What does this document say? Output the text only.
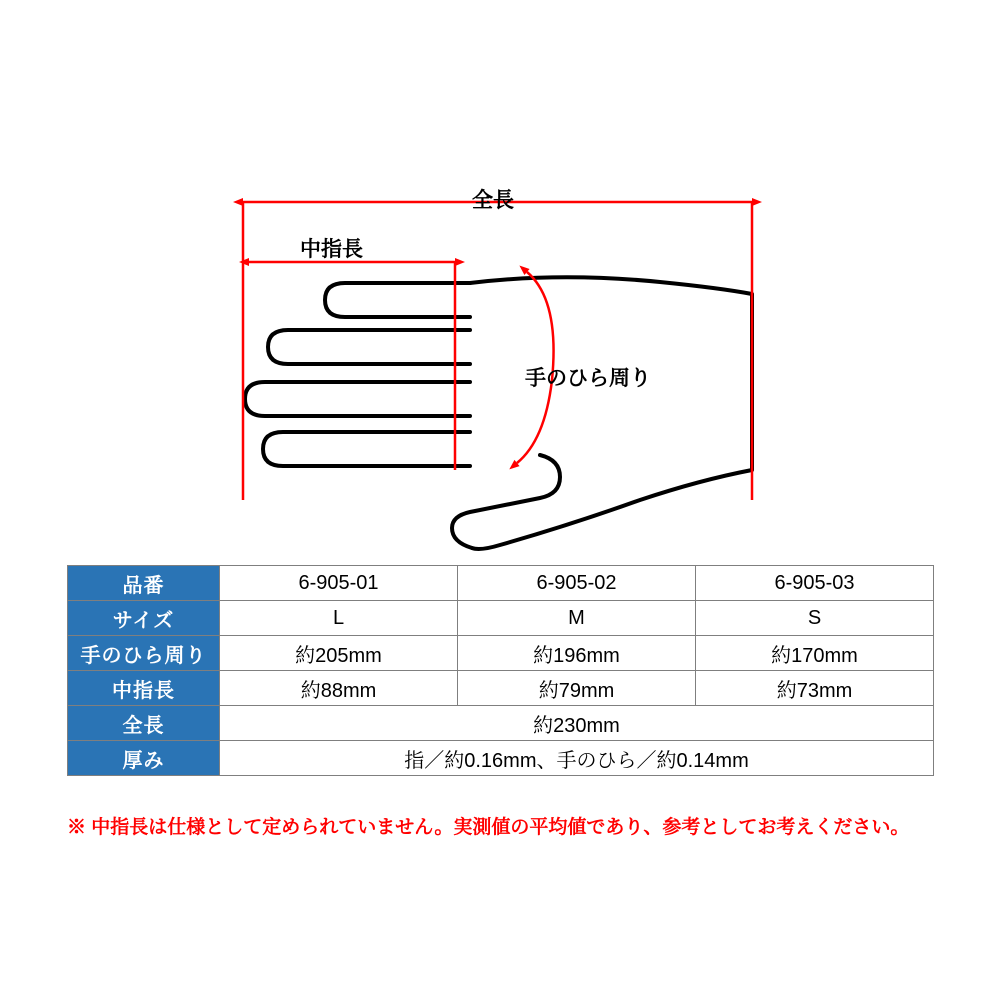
全長
中指長
手のひら周り
品番	6-905-01	6-905-02	6-905-03
サイズ	L	M	S
手のひら周り	約205mm	約196mm	約170mm
中指長	約88mm	約79mm	約73mm
全長	約230mm		
厚み	指／約0.16mm、手のひら／約0.14mm		
※ 中指長は仕様として定められていません。実測値の平均値であり、参考としてお考えください。
